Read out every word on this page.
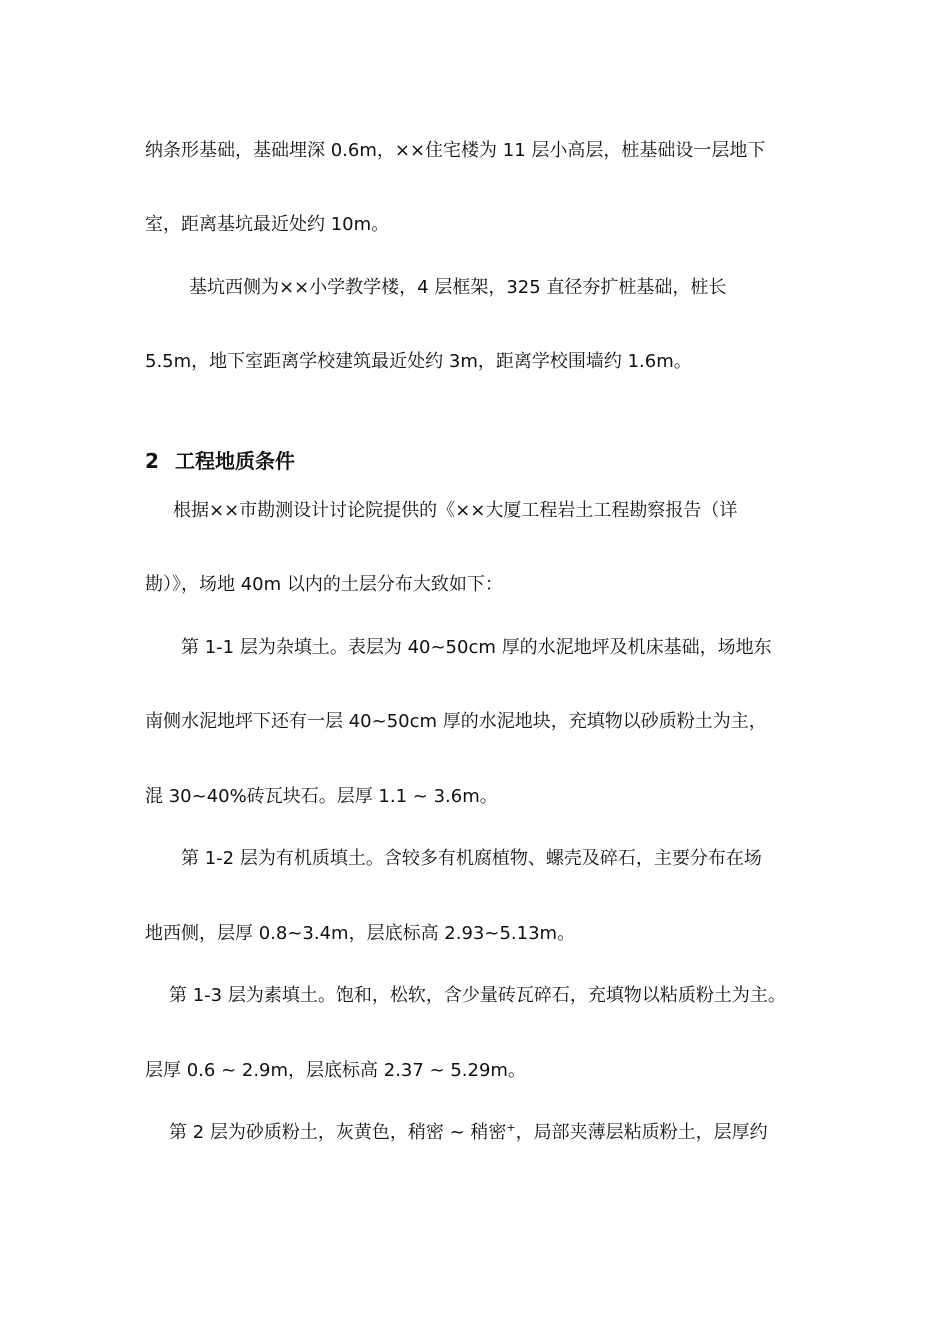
纳条形基础，基础埋深 0.6m，××住宅楼为 11 层小高层，桩基础设一层地下
室，距离基坑最近处约 10m。
基坑西侧为××小学教学楼，4 层框架，325 直径夯扩桩基础，桩长
5.5m，地下室距离学校建筑最近处约 3m，距离学校围墙约 1.6m。
2 工程地质条件
根据××市勘测设计讨论院提供的《××大厦工程岩土工程勘察报告（详
勘）》，场地 40m 以内的土层分布大致如下：
第 1-1 层为杂填土。表层为 40~50cm 厚的水泥地坪及机床基础，场地东
南侧水泥地坪下还有一层 40~50cm 厚的水泥地块，充填物以砂质粉土为主，
混 30~40%砖瓦块石。层厚 1.1 ~ 3.6m。
第 1-2 层为有机质填土。含较多有机腐植物、螺壳及碎石，主要分布在场
地西侧，层厚 0.8~3.4m，层底标高 2.93~5.13m。
第 1-3 层为素填土。饱和，松软，含少量砖瓦碎石，充填物以粘质粉土为主。
层厚 0.6 ~ 2.9m，层底标高 2.37 ~ 5.29m。
第 2 层为砂质粉土，灰黄色，稍密 ~ 稍密+，局部夹薄层粘质粉土，层厚约
